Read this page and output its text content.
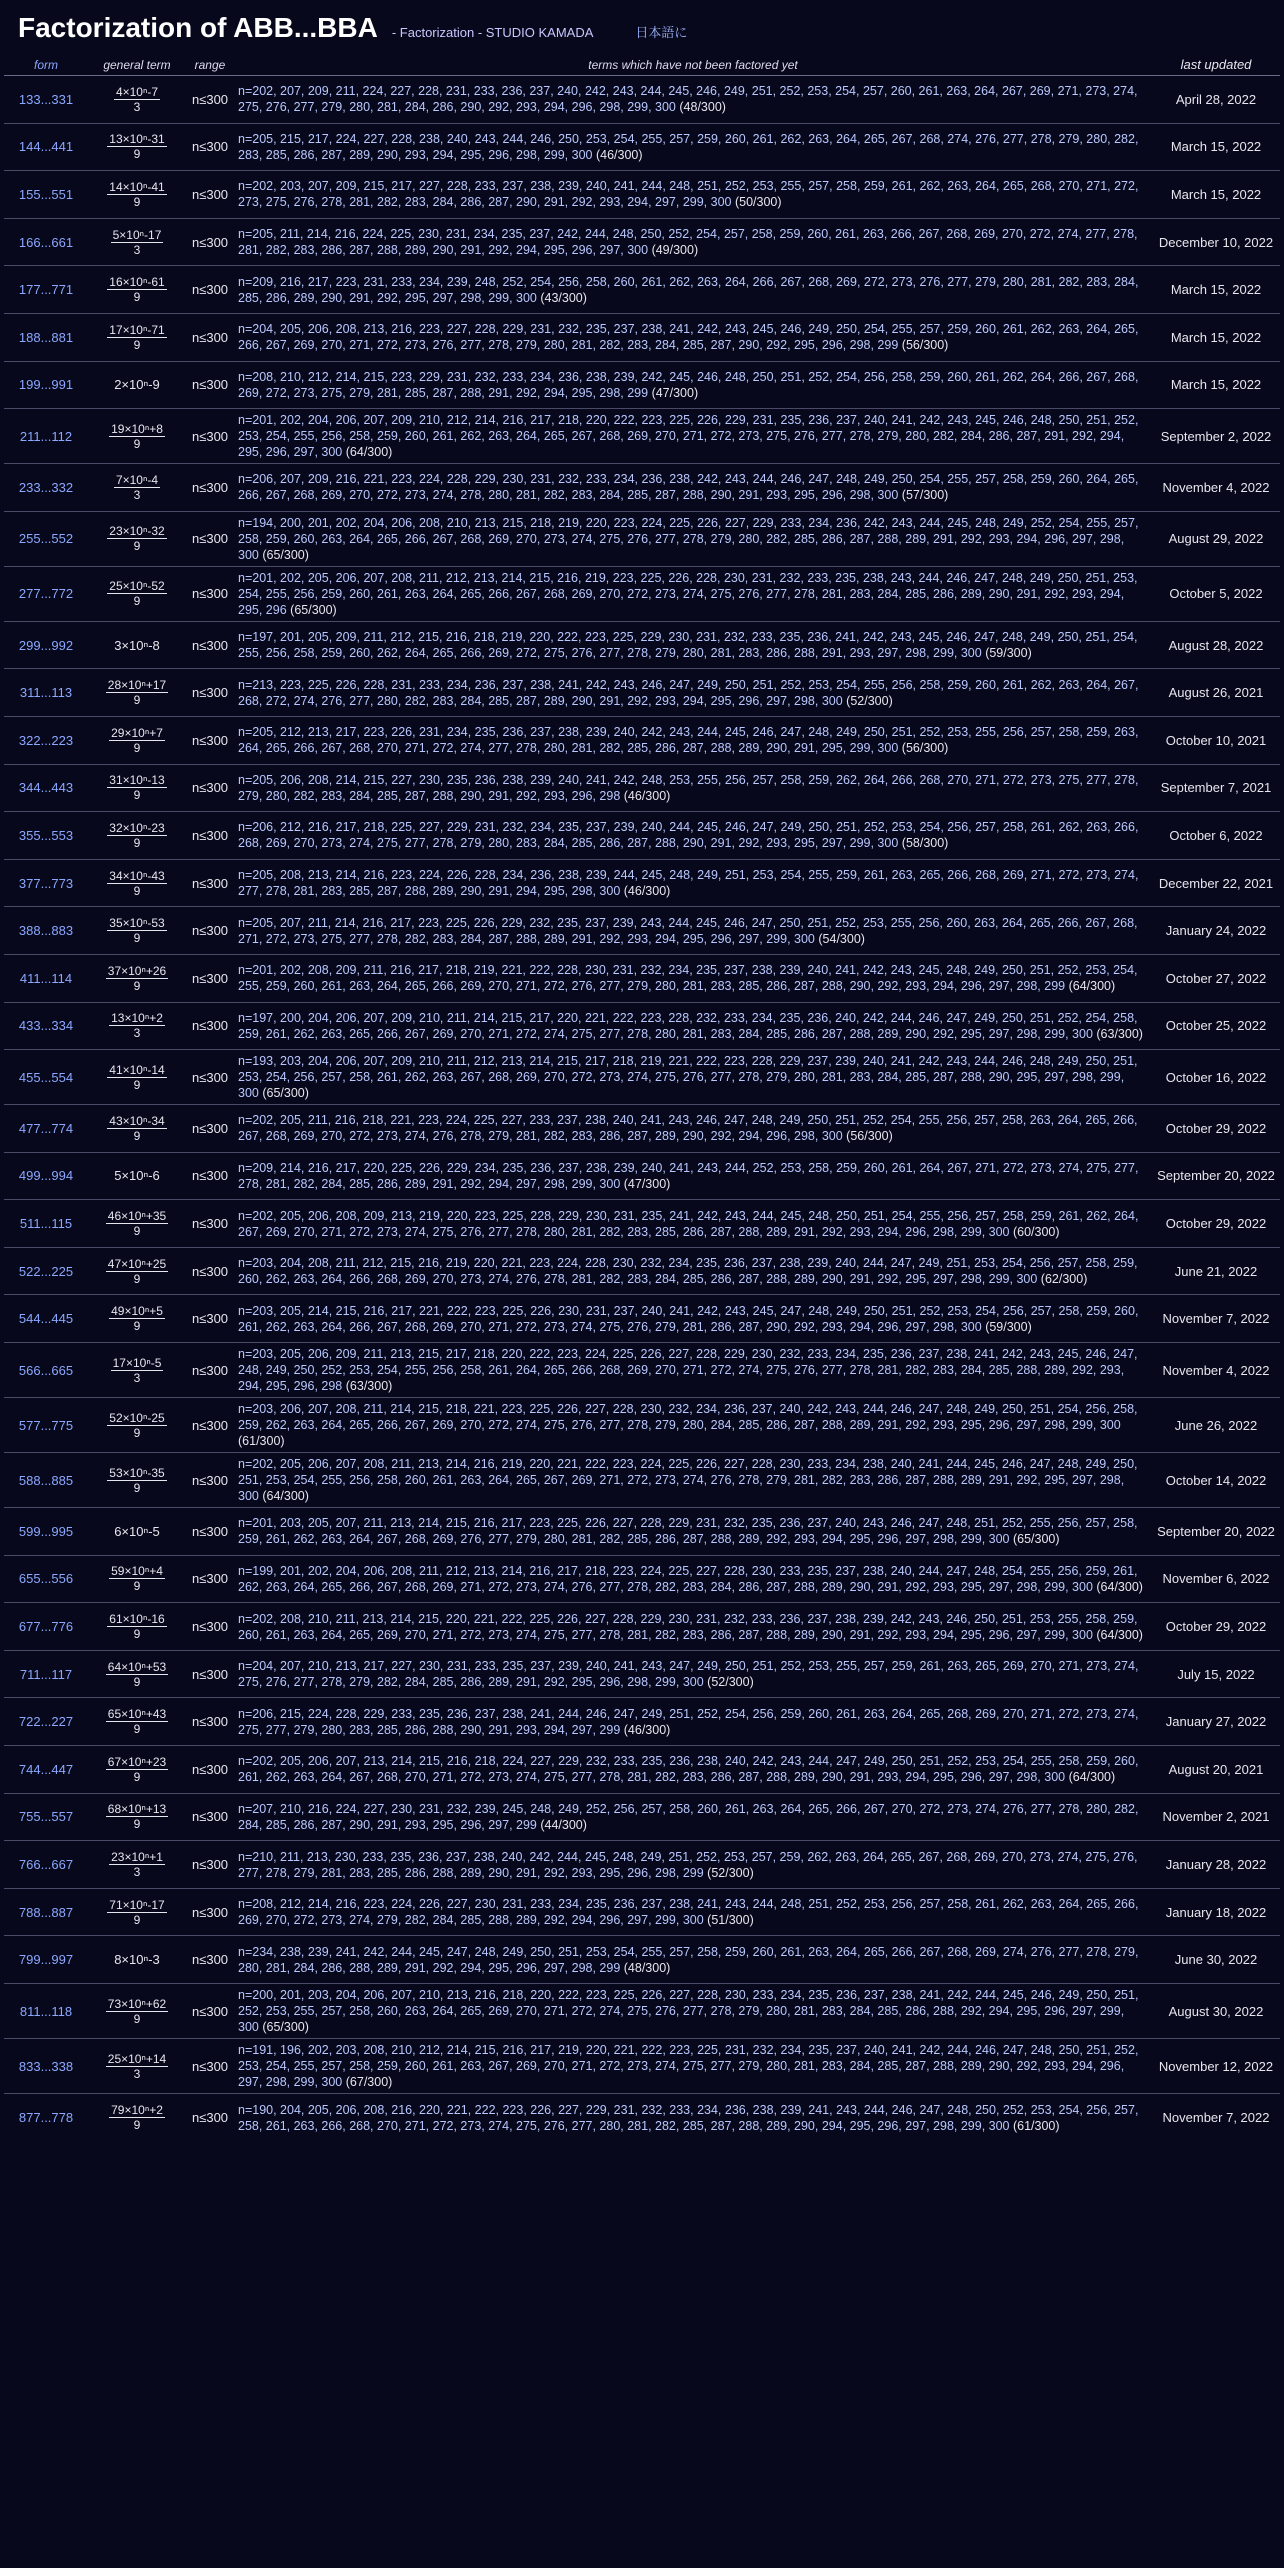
Factorization of ABB...BBA - Factorization - STUDIO KAMADA	日本語に
form	general term	range	terms which have not been factored yet	last updated
133...331	$\frac{\text{4×10ⁿ-7}}{3}$	n≤300	n=202, 207, 209, 211, 224, 227, 228, 231, 233, 236, 237, 240, 242, 243, 244, 245, 246, 249, 251, 252, 253, 254, 257, 260, 261, 263, 264, 267, 269, 271, 273, 274, 275, 276, 277, 279, 280, 281, 284, 286, 290, 292, 293, 294, 296, 298, 299, 300 (48/300)	April 28, 2022
144...441	$\frac{\text{13×10ⁿ-31}}{9}$	n≤300	n=205, 215, 217, 224, 227, 228, 238, 240, 243, 244, 246, 250, 253, 254, 255, 257, 259, 260, 261, 262, 263, 264, 265, 267, 268, 274, 276, 277, 278, 279, 280, 282, 283, 285, 286, 287, 289, 290, 293, 294, 295, 296, 298, 299, 300 (46/300)	March 15, 2022
155...551	$\frac{\text{14×10ⁿ-41}}{9}$	n≤300	n=202, 203, 207, 209, 215, 217, 227, 228, 233, 237, 238, 239, 240, 241, 244, 248, 251, 252, 253, 255, 257, 258, 259, 261, 262, 263, 264, 265, 268, 270, 271, 272, 273, 275, 276, 278, 281, 282, 283, 284, 286, 287, 290, 291, 292, 293, 294, 297, 299, 300 (50/300)	March 15, 2022
166...661	$\frac{\text{5×10ⁿ-17}}{3}$	n≤300	n=205, 211, 214, 216, 224, 225, 230, 231, 234, 235, 237, 242, 244, 248, 250, 252, 254, 257, 258, 259, 260, 261, 263, 266, 267, 268, 269, 270, 272, 274, 277, 278, 281, 282, 283, 286, 287, 288, 289, 290, 291, 292, 294, 295, 296, 297, 300 (49/300)	December 10, 2022
177...771	$\frac{\text{16×10ⁿ-61}}{9}$	n≤300	n=209, 216, 217, 223, 231, 233, 234, 239, 248, 252, 254, 256, 258, 260, 261, 262, 263, 264, 266, 267, 268, 269, 272, 273, 276, 277, 279, 280, 281, 282, 283, 284, 285, 286, 289, 290, 291, 292, 295, 297, 298, 299, 300 (43/300)	March 15, 2022
188...881	$\frac{\text{17×10ⁿ-71}}{9}$	n≤300	n=204, 205, 206, 208, 213, 216, 223, 227, 228, 229, 231, 232, 235, 237, 238, 241, 242, 243, 245, 246, 249, 250, 254, 255, 257, 259, 260, 261, 262, 263, 264, 265, 266, 267, 269, 270, 271, 272, 273, 276, 277, 278, 279, 280, 281, 282, 283, 284, 285, 287, 290, 292, 295, 296, 298, 299 (56/300)	March 15, 2022
199...991	2×10ⁿ-9	n≤300	n=208, 210, 212, 214, 215, 223, 229, 231, 232, 233, 234, 236, 238, 239, 242, 245, 246, 248, 250, 251, 252, 254, 256, 258, 259, 260, 261, 262, 264, 266, 267, 268, 269, 272, 273, 275, 279, 281, 285, 287, 288, 291, 292, 294, 295, 298, 299 (47/300)	March 15, 2022
211...112	$\frac{\text{19×10ⁿ+8}}{9}$	n≤300	n=201, 202, 204, 206, 207, 209, 210, 212, 214, 216, 217, 218, 220, 222, 223, 225, 226, 229, 231, 235, 236, 237, 240, 241, 242, 243, 245, 246, 248, 250, 251, 252, 253, 254, 255, 256, 258, 259, 260, 261, 262, 263, 264, 265, 267, 268, 269, 270, 271, 272, 273, 275, 276, 277, 278, 279, 280, 282, 284, 286, 287, 291, 292, 294, 295, 296, 297, 300 (64/300)	September 2, 2022
233...332	$\frac{\text{7×10ⁿ-4}}{3}$	n≤300	n=206, 207, 209, 216, 221, 223, 224, 228, 229, 230, 231, 232, 233, 234, 236, 238, 242, 243, 244, 246, 247, 248, 249, 250, 254, 255, 257, 258, 259, 260, 264, 265, 266, 267, 268, 269, 270, 272, 273, 274, 278, 280, 281, 282, 283, 284, 285, 287, 288, 290, 291, 293, 295, 296, 298, 300 (57/300)	November 4, 2022
255...552	$\frac{\text{23×10ⁿ-32}}{9}$	n≤300	n=194, 200, 201, 202, 204, 206, 208, 210, 213, 215, 218, 219, 220, 223, 224, 225, 226, 227, 229, 233, 234, 236, 242, 243, 244, 245, 248, 249, 252, 254, 255, 257, 258, 259, 260, 263, 264, 265, 266, 267, 268, 269, 270, 273, 274, 275, 276, 277, 278, 279, 280, 282, 285, 286, 287, 288, 289, 291, 292, 293, 294, 296, 297, 298, 300 (65/300)	August 29, 2022
277...772	$\frac{\text{25×10ⁿ-52}}{9}$	n≤300	n=201, 202, 205, 206, 207, 208, 211, 212, 213, 214, 215, 216, 219, 223, 225, 226, 228, 230, 231, 232, 233, 235, 238, 243, 244, 246, 247, 248, 249, 250, 251, 253, 254, 255, 256, 259, 260, 261, 263, 264, 265, 266, 267, 268, 269, 270, 272, 273, 274, 275, 276, 277, 278, 281, 283, 284, 285, 286, 289, 290, 291, 292, 293, 294, 295, 296 (65/300)	October 5, 2022
299...992	3×10ⁿ-8	n≤300	n=197, 201, 205, 209, 211, 212, 215, 216, 218, 219, 220, 222, 223, 225, 229, 230, 231, 232, 233, 235, 236, 241, 242, 243, 245, 246, 247, 248, 249, 250, 251, 254, 255, 256, 258, 259, 260, 262, 264, 265, 266, 269, 272, 275, 276, 277, 278, 279, 280, 281, 283, 286, 288, 291, 293, 297, 298, 299, 300 (59/300)	August 28, 2022
311...113	$\frac{\text{28×10ⁿ+17}}{9}$	n≤300	n=213, 223, 225, 226, 228, 231, 233, 234, 236, 237, 238, 241, 242, 243, 246, 247, 249, 250, 251, 252, 253, 254, 255, 256, 258, 259, 260, 261, 262, 263, 264, 267, 268, 272, 274, 276, 277, 280, 282, 283, 284, 285, 287, 289, 290, 291, 292, 293, 294, 295, 296, 297, 298, 300 (52/300)	August 26, 2021
322...223	$\frac{\text{29×10ⁿ+7}}{9}$	n≤300	n=205, 212, 213, 217, 223, 226, 231, 234, 235, 236, 237, 238, 239, 240, 242, 243, 244, 245, 246, 247, 248, 249, 250, 251, 252, 253, 255, 256, 257, 258, 259, 263, 264, 265, 266, 267, 268, 270, 271, 272, 274, 277, 278, 280, 281, 282, 285, 286, 287, 288, 289, 290, 291, 295, 299, 300 (56/300)	October 10, 2021
344...443	$\frac{\text{31×10ⁿ-13}}{9}$	n≤300	n=205, 206, 208, 214, 215, 227, 230, 235, 236, 238, 239, 240, 241, 242, 248, 253, 255, 256, 257, 258, 259, 262, 264, 266, 268, 270, 271, 272, 273, 275, 277, 278, 279, 280, 282, 283, 284, 285, 287, 288, 290, 291, 292, 293, 296, 298 (46/300)	September 7, 2021
355...553	$\frac{\text{32×10ⁿ-23}}{9}$	n≤300	n=206, 212, 216, 217, 218, 225, 227, 229, 231, 232, 234, 235, 237, 239, 240, 244, 245, 246, 247, 249, 250, 251, 252, 253, 254, 256, 257, 258, 261, 262, 263, 266, 268, 269, 270, 273, 274, 275, 277, 278, 279, 280, 283, 284, 285, 286, 287, 288, 290, 291, 292, 293, 295, 297, 299, 300 (58/300)	October 6, 2022
377...773	$\frac{\text{34×10ⁿ-43}}{9}$	n≤300	n=205, 208, 213, 214, 216, 223, 224, 226, 228, 234, 236, 238, 239, 244, 245, 248, 249, 251, 253, 254, 255, 259, 261, 263, 265, 266, 268, 269, 271, 272, 273, 274, 277, 278, 281, 283, 285, 287, 288, 289, 290, 291, 294, 295, 298, 300 (46/300)	December 22, 2021
388...883	$\frac{\text{35×10ⁿ-53}}{9}$	n≤300	n=205, 207, 211, 214, 216, 217, 223, 225, 226, 229, 232, 235, 237, 239, 243, 244, 245, 246, 247, 250, 251, 252, 253, 255, 256, 260, 263, 264, 265, 266, 267, 268, 271, 272, 273, 275, 277, 278, 282, 283, 284, 287, 288, 289, 291, 292, 293, 294, 295, 296, 297, 299, 300 (54/300)	January 24, 2022
411...114	$\frac{\text{37×10ⁿ+26}}{9}$	n≤300	n=201, 202, 208, 209, 211, 216, 217, 218, 219, 221, 222, 228, 230, 231, 232, 234, 235, 237, 238, 239, 240, 241, 242, 243, 245, 248, 249, 250, 251, 252, 253, 254, 255, 259, 260, 261, 263, 264, 265, 266, 269, 270, 271, 272, 276, 277, 279, 280, 281, 283, 285, 286, 287, 288, 290, 292, 293, 294, 296, 297, 298, 299 (64/300)	October 27, 2022
433...334	$\frac{\text{13×10ⁿ+2}}{3}$	n≤300	n=197, 200, 204, 206, 207, 209, 210, 211, 214, 215, 217, 220, 221, 222, 223, 228, 232, 233, 234, 235, 236, 240, 242, 244, 246, 247, 249, 250, 251, 252, 254, 258, 259, 261, 262, 263, 265, 266, 267, 269, 270, 271, 272, 274, 275, 277, 278, 280, 281, 283, 284, 285, 286, 287, 288, 289, 290, 292, 295, 297, 298, 299, 300 (63/300)	October 25, 2022
455...554	$\frac{\text{41×10ⁿ-14}}{9}$	n≤300	n=193, 203, 204, 206, 207, 209, 210, 211, 212, 213, 214, 215, 217, 218, 219, 221, 222, 223, 228, 229, 237, 239, 240, 241, 242, 243, 244, 246, 248, 249, 250, 251, 253, 254, 256, 257, 258, 261, 262, 263, 267, 268, 269, 270, 272, 273, 274, 275, 276, 277, 278, 279, 280, 281, 283, 284, 285, 287, 288, 290, 295, 297, 298, 299, 300 (65/300)	October 16, 2022
477...774	$\frac{\text{43×10ⁿ-34}}{9}$	n≤300	n=202, 205, 211, 216, 218, 221, 223, 224, 225, 227, 233, 237, 238, 240, 241, 243, 246, 247, 248, 249, 250, 251, 252, 254, 255, 256, 257, 258, 263, 264, 265, 266, 267, 268, 269, 270, 272, 273, 274, 276, 278, 279, 281, 282, 283, 286, 287, 289, 290, 292, 294, 296, 298, 300 (56/300)	October 29, 2022
499...994	5×10ⁿ-6	n≤300	n=209, 214, 216, 217, 220, 225, 226, 229, 234, 235, 236, 237, 238, 239, 240, 241, 243, 244, 252, 253, 258, 259, 260, 261, 264, 267, 271, 272, 273, 274, 275, 277, 278, 281, 282, 284, 285, 286, 289, 291, 292, 294, 297, 298, 299, 300 (47/300)	September 20, 2022
511...115	$\frac{\text{46×10ⁿ+35}}{9}$	n≤300	n=202, 205, 206, 208, 209, 213, 219, 220, 223, 225, 228, 229, 230, 231, 235, 241, 242, 243, 244, 245, 248, 250, 251, 254, 255, 256, 257, 258, 259, 261, 262, 264, 267, 269, 270, 271, 272, 273, 274, 275, 276, 277, 278, 280, 281, 282, 283, 285, 286, 287, 288, 289, 291, 292, 293, 294, 296, 298, 299, 300 (60/300)	October 29, 2022
522...225	$\frac{\text{47×10ⁿ+25}}{9}$	n≤300	n=203, 204, 208, 211, 212, 215, 216, 219, 220, 221, 223, 224, 228, 230, 232, 234, 235, 236, 237, 238, 239, 240, 244, 247, 249, 251, 253, 254, 256, 257, 258, 259, 260, 262, 263, 264, 266, 268, 269, 270, 273, 274, 276, 278, 281, 282, 283, 284, 285, 286, 287, 288, 289, 290, 291, 292, 295, 297, 298, 299, 300 (62/300)	June 21, 2022
544...445	$\frac{\text{49×10ⁿ+5}}{9}$	n≤300	n=203, 205, 214, 215, 216, 217, 221, 222, 223, 225, 226, 230, 231, 237, 240, 241, 242, 243, 245, 247, 248, 249, 250, 251, 252, 253, 254, 256, 257, 258, 259, 260, 261, 262, 263, 264, 266, 267, 268, 269, 270, 271, 272, 273, 274, 275, 276, 279, 281, 286, 287, 290, 292, 293, 294, 296, 297, 298, 300 (59/300)	November 7, 2022
566...665	$\frac{\text{17×10ⁿ-5}}{3}$	n≤300	n=203, 205, 206, 209, 211, 213, 215, 217, 218, 220, 222, 223, 224, 225, 226, 227, 228, 229, 230, 232, 233, 234, 235, 236, 237, 238, 241, 242, 243, 245, 246, 247, 248, 249, 250, 252, 253, 254, 255, 256, 258, 261, 264, 265, 266, 268, 269, 270, 271, 272, 274, 275, 276, 277, 278, 281, 282, 283, 284, 285, 288, 289, 292, 293, 294, 295, 296, 298 (63/300)	November 4, 2022
577...775	$\frac{\text{52×10ⁿ-25}}{9}$	n≤300	n=203, 206, 207, 208, 211, 214, 215, 218, 221, 223, 225, 226, 227, 228, 230, 232, 234, 236, 237, 240, 242, 243, 244, 246, 247, 248, 249, 250, 251, 254, 256, 258, 259, 262, 263, 264, 265, 266, 267, 269, 270, 272, 274, 275, 276, 277, 278, 279, 280, 284, 285, 286, 287, 288, 289, 291, 292, 293, 295, 296, 297, 298, 299, 300 (61/300)	June 26, 2022
588...885	$\frac{\text{53×10ⁿ-35}}{9}$	n≤300	n=202, 205, 206, 207, 208, 211, 213, 214, 216, 219, 220, 221, 222, 223, 224, 225, 226, 227, 228, 230, 233, 234, 238, 240, 241, 244, 245, 246, 247, 248, 249, 250, 251, 253, 254, 255, 256, 258, 260, 261, 263, 264, 265, 267, 269, 271, 272, 273, 274, 276, 278, 279, 281, 282, 283, 286, 287, 288, 289, 291, 292, 295, 297, 298, 300 (64/300)	October 14, 2022
599...995	6×10ⁿ-5	n≤300	n=201, 203, 205, 207, 211, 213, 214, 215, 216, 217, 223, 225, 226, 227, 228, 229, 231, 232, 235, 236, 237, 240, 243, 246, 247, 248, 251, 252, 255, 256, 257, 258, 259, 261, 262, 263, 264, 267, 268, 269, 276, 277, 279, 280, 281, 282, 285, 286, 287, 288, 289, 292, 293, 294, 295, 296, 297, 298, 299, 300 (65/300)	September 20, 2022
655...556	$\frac{\text{59×10ⁿ+4}}{9}$	n≤300	n=199, 201, 202, 204, 206, 208, 211, 212, 213, 214, 216, 217, 218, 223, 224, 225, 227, 228, 230, 233, 235, 237, 238, 240, 244, 247, 248, 254, 255, 256, 259, 261, 262, 263, 264, 265, 266, 267, 268, 269, 271, 272, 273, 274, 276, 277, 278, 282, 283, 284, 286, 287, 288, 289, 290, 291, 292, 293, 295, 297, 298, 299, 300 (64/300)	November 6, 2022
677...776	$\frac{\text{61×10ⁿ-16}}{9}$	n≤300	n=202, 208, 210, 211, 213, 214, 215, 220, 221, 222, 225, 226, 227, 228, 229, 230, 231, 232, 233, 236, 237, 238, 239, 242, 243, 246, 250, 251, 253, 255, 258, 259, 260, 261, 263, 264, 265, 269, 270, 271, 272, 273, 274, 275, 277, 278, 281, 282, 283, 286, 287, 288, 289, 290, 291, 292, 293, 294, 295, 296, 297, 299, 300 (64/300)	October 29, 2022
711...117	$\frac{\text{64×10ⁿ+53}}{9}$	n≤300	n=204, 207, 210, 213, 217, 227, 230, 231, 233, 235, 237, 239, 240, 241, 243, 247, 249, 250, 251, 252, 253, 255, 257, 259, 261, 263, 265, 269, 270, 271, 273, 274, 275, 276, 277, 278, 279, 282, 284, 285, 286, 289, 291, 292, 295, 296, 298, 299, 300 (52/300)	July 15, 2022
722...227	$\frac{\text{65×10ⁿ+43}}{9}$	n≤300	n=206, 215, 224, 228, 229, 233, 235, 236, 237, 238, 241, 244, 246, 247, 249, 251, 252, 254, 256, 259, 260, 261, 263, 264, 265, 268, 269, 270, 271, 272, 273, 274, 275, 277, 279, 280, 283, 285, 286, 288, 290, 291, 293, 294, 297, 299 (46/300)	January 27, 2022
744...447	$\frac{\text{67×10ⁿ+23}}{9}$	n≤300	n=202, 205, 206, 207, 213, 214, 215, 216, 218, 224, 227, 229, 232, 233, 235, 236, 238, 240, 242, 243, 244, 247, 249, 250, 251, 252, 253, 254, 255, 258, 259, 260, 261, 262, 263, 264, 267, 268, 270, 271, 272, 273, 274, 275, 277, 278, 281, 282, 283, 286, 287, 288, 289, 290, 291, 293, 294, 295, 296, 297, 298, 300 (64/300)	August 20, 2021
755...557	$\frac{\text{68×10ⁿ+13}}{9}$	n≤300	n=207, 210, 216, 224, 227, 230, 231, 232, 239, 245, 248, 249, 252, 256, 257, 258, 260, 261, 263, 264, 265, 266, 267, 270, 272, 273, 274, 276, 277, 278, 280, 282, 284, 285, 286, 287, 290, 291, 293, 295, 296, 297, 299 (44/300)	November 2, 2021
766...667	$\frac{\text{23×10ⁿ+1}}{3}$	n≤300	n=210, 211, 213, 230, 233, 235, 236, 237, 238, 240, 242, 244, 245, 248, 249, 251, 252, 253, 257, 259, 262, 263, 264, 265, 267, 268, 269, 270, 273, 274, 275, 276, 277, 278, 279, 281, 283, 285, 286, 288, 289, 290, 291, 292, 293, 295, 296, 298, 299 (52/300)	January 28, 2022
788...887	$\frac{\text{71×10ⁿ-17}}{9}$	n≤300	n=208, 212, 214, 216, 223, 224, 226, 227, 230, 231, 233, 234, 235, 236, 237, 238, 241, 243, 244, 248, 251, 252, 253, 256, 257, 258, 261, 262, 263, 264, 265, 266, 269, 270, 272, 273, 274, 279, 282, 284, 285, 288, 289, 292, 294, 296, 297, 299, 300 (51/300)	January 18, 2022
799...997	8×10ⁿ-3	n≤300	n=234, 238, 239, 241, 242, 244, 245, 247, 248, 249, 250, 251, 253, 254, 255, 257, 258, 259, 260, 261, 263, 264, 265, 266, 267, 268, 269, 274, 276, 277, 278, 279, 280, 281, 284, 286, 288, 289, 291, 292, 294, 295, 296, 297, 298, 299 (48/300)	June 30, 2022
811...118	$\frac{\text{73×10ⁿ+62}}{9}$	n≤300	n=200, 201, 203, 204, 206, 207, 210, 213, 216, 218, 220, 222, 223, 225, 226, 227, 228, 230, 233, 234, 235, 236, 237, 238, 241, 242, 244, 245, 246, 249, 250, 251, 252, 253, 255, 257, 258, 260, 263, 264, 265, 269, 270, 271, 272, 274, 275, 276, 277, 278, 279, 280, 281, 283, 284, 285, 286, 288, 292, 294, 295, 296, 297, 299, 300 (65/300)	August 30, 2022
833...338	$\frac{\text{25×10ⁿ+14}}{3}$	n≤300	n=191, 196, 202, 203, 208, 210, 212, 214, 215, 216, 217, 219, 220, 221, 222, 223, 225, 231, 232, 234, 235, 237, 240, 241, 242, 244, 246, 247, 248, 250, 251, 252, 253, 254, 255, 257, 258, 259, 260, 261, 263, 267, 269, 270, 271, 272, 273, 274, 275, 277, 279, 280, 281, 283, 284, 285, 287, 288, 289, 290, 292, 293, 294, 296, 297, 298, 299, 300 (67/300)	November 12, 2022
877...778	$\frac{\text{79×10ⁿ+2}}{9}$	n≤300	n=190, 204, 205, 206, 208, 216, 220, 221, 222, 223, 226, 227, 229, 231, 232, 233, 234, 236, 238, 239, 241, 243, 244, 246, 247, 248, 250, 252, 253, 254, 256, 257, 258, 261, 263, 266, 268, 270, 271, 272, 273, 274, 275, 276, 277, 280, 281, 282, 285, 287, 288, 289, 290, 294, 295, 296, 297, 298, 299, 300 (61/300)	November 7, 2022
